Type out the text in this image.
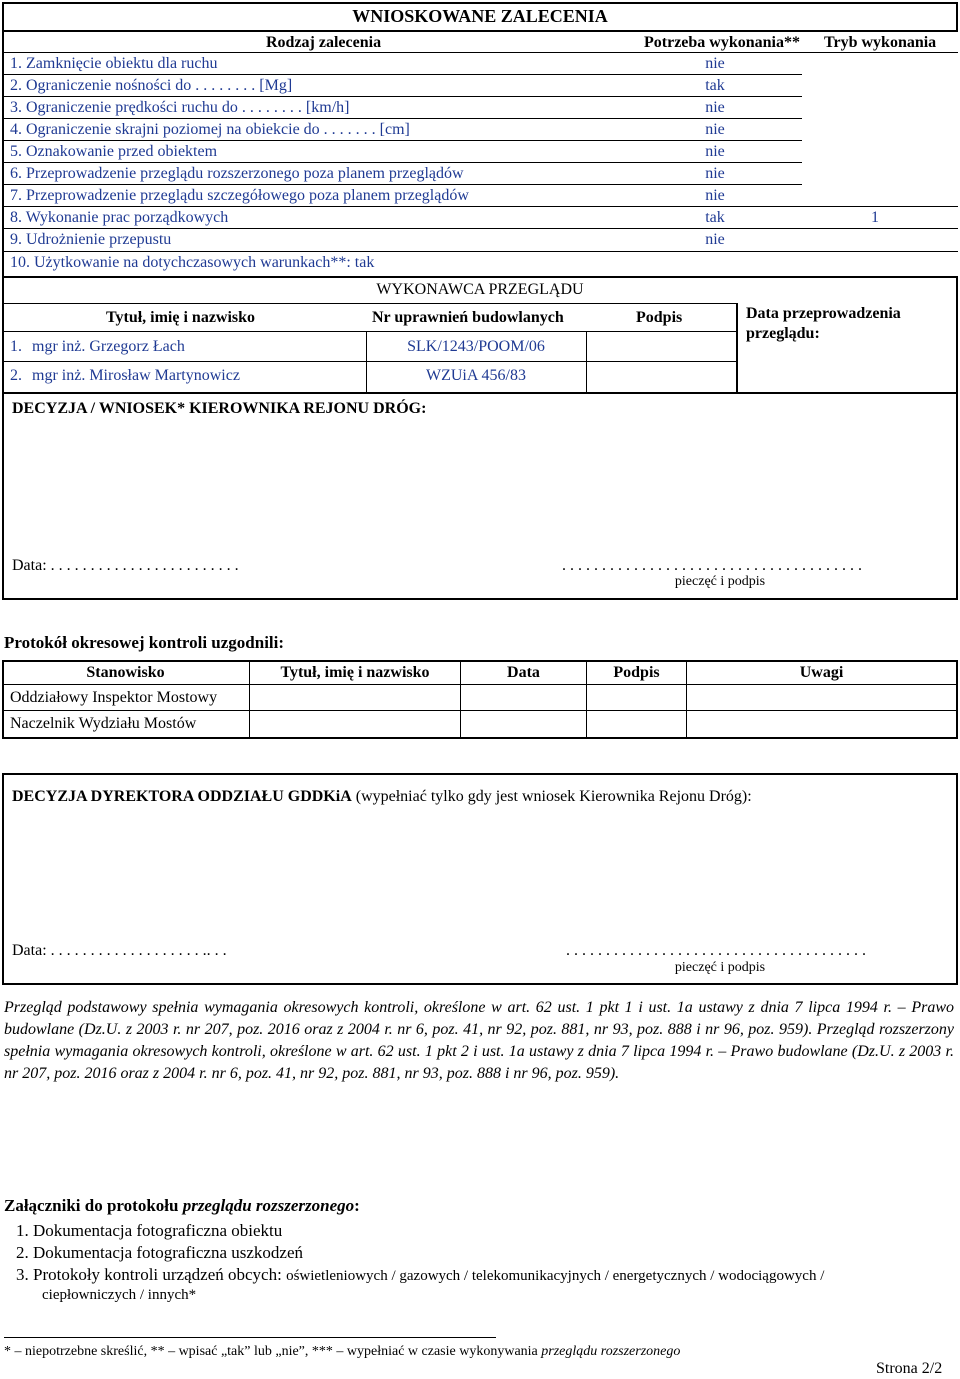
WNIOSKOWANE ZALECENIA
Rodzaj zalecenia	Potrzeba wykonania** Tryb wykonania
1. Zamknięcie obiektu dla ruchu	nie
2. Ograniczenie nośności do . . . . . . . . [Mg]	tak
3. Ograniczenie prędkości ruchu do . . . . . . . . [km/h]	nie
4. Ograniczenie skrajni poziomej na obiekcie do . . . . . . . [cm]	nie
5. Oznakowanie przed obiektem	nie
6. Przeprowadzenie przeglądu rozszerzonego poza planem przeglądów	nie
7. Przeprowadzenie przeglądu szczegółowego poza planem przeglądów	nie
8. Wykonanie prac porządkowych	tak	1
9. Udrożnienie przepustu	nie
10. Użytkowanie na dotychczasowych warunkach**: tak
WYKONAWCA PRZEGLĄDU
Tytuł, imię i nazwisko	Nr uprawnień budowlanych	Podpis	Data przeprowadzenia przeglądu:
1. mgr inż. Grzegorz Łach	SLK/1243/POOM/06
2. mgr inż. Mirosław Martynowicz	WZUiA 456/83
DECYZJA / WNIOSEK* KIEROWNIKA REJONU DRÓG:
Data: . . . . . . . . . . . . . . . . . . . . . . . .	. . . . . . . . . . . . . . . . . . . . . . . . . . . . . . . . . . . . . .
pieczęć i podpis
Protokół okresowej kontroli uzgodnili:
Stanowisko	Tytuł, imię i nazwisko	Data	Podpis	Uwagi
Oddziałowy Inspektor Mostowy
Naczelnik Wydziału Mostów
DECYZJA DYREKTORA ODDZIAŁU GDDKiA (wypełniać tylko gdy jest wniosek Kierownika Rejonu Dróg):
Data: . . . . . . . . . . . . . . . . . . . .. . .	. . . . . . . . . . . . . . . . . . . . . . . . . . . . . . . . . . . . . .
pieczęć i podpis
Przegląd podstawowy spełnia wymagania okresowych kontroli, określone w art. 62 ust. 1 pkt 1 i ust. 1a ustawy z dnia 7 lipca 1994 r. – Prawo budowlane (Dz.U. z 2003 r. nr 207, poz. 2016 oraz z 2004 r. nr 6, poz. 41, nr 92, poz. 881, nr 93, poz. 888 i nr 96, poz. 959). Przegląd rozszerzony spełnia wymagania okresowych kontroli, określone w art. 62 ust. 1 pkt 2 i ust. 1a ustawy z dnia 7 lipca 1994 r. – Prawo budowlane (Dz.U. z 2003 r. nr 207, poz. 2016 oraz z 2004 r. nr 6, poz. 41, nr 92, poz. 881, nr 93, poz. 888 i nr 96, poz. 959).
Załączniki do protokołu przeglądu rozszerzonego:
1. Dokumentacja fotograficzna obiektu
2. Dokumentacja fotograficzna uszkodzeń
3. Protokoły kontroli urządzeń obcych: oświetleniowych / gazowych / telekomunikacyjnych / energetycznych / wodociągowych /
ciepłowniczych / innych*
* – niepotrzebne skreślić, ** – wpisać „tak” lub „nie”, *** – wypełniać w czasie wykonywania przeglądu rozszerzonego
Strona 2/2
